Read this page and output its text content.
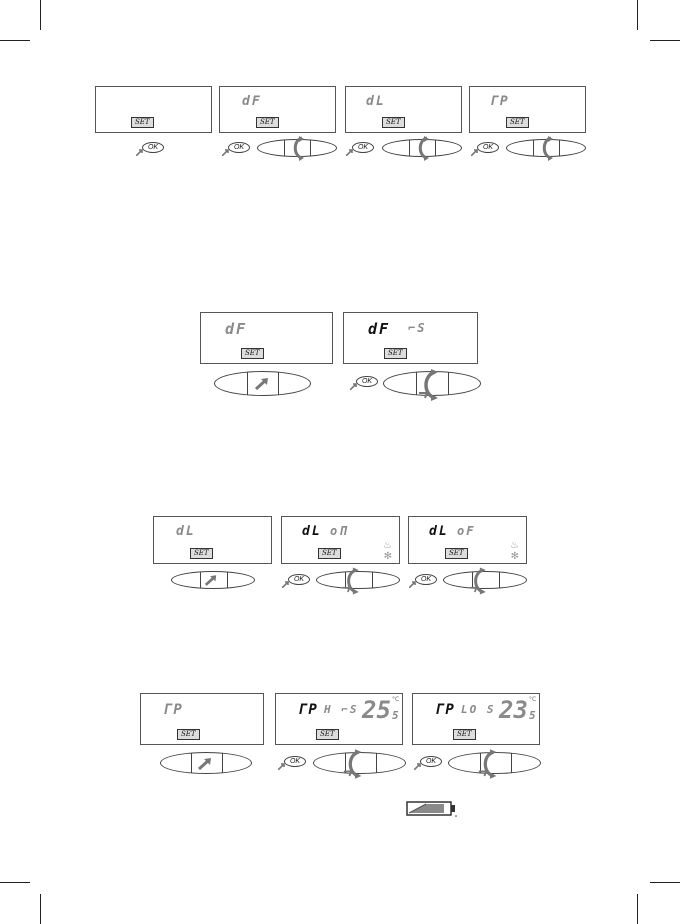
SET
dF
SET
dL
SET
ΓP
SET
OK	OK	OK	OK
dF
SET
dF ⌐S
SET
OK
dL
SET
dL oΠ
♨
✻
SET
dL oF
♨
✻
SET
OK	OK
ΓP
SET
ΓP H ⌐S 25 5
°C
SET
ΓP LO S 23 5
°C
SET
OK	OK
